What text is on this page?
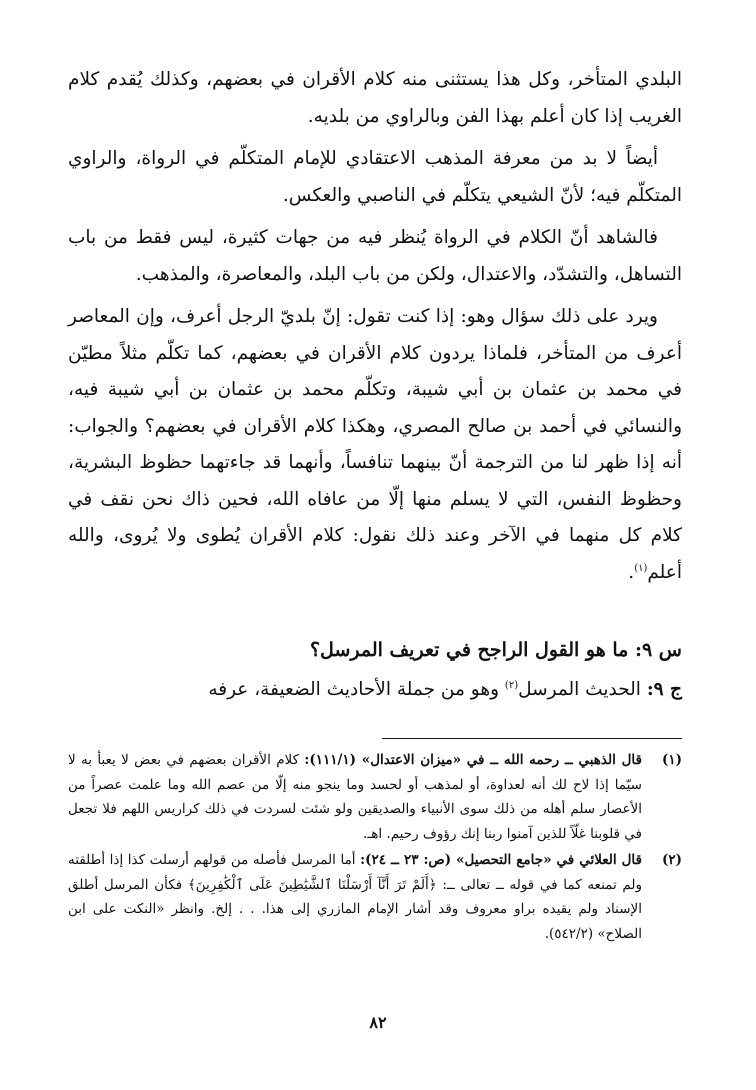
البلدي المتأخر، وكل هذا يستثنى منه كلام الأقران في بعضهم، وكذلك يُقدم كلام الغريب إذا كان أعلم بهذا الفن وبالراوي من بلديه.

أيضاً لا بد من معرفة المذهب الاعتقادي للإمام المتكلّم في الرواة، والراوي المتكلّم فيه؛ لأنّ الشيعي يتكلّم في الناصبي والعكس.

فالشاهد أنّ الكلام في الرواة يُنظر فيه من جهات كثيرة، ليس فقط من باب التساهل، والتشدّد، والاعتدال، ولكن من باب البلد، والمعاصرة، والمذهب.

ويرد على ذلك سؤال وهو: إذا كنت تقول: إنّ بلديّ الرجل أعرف، وإن المعاصر أعرف من المتأخر، فلماذا يردون كلام الأقران في بعضهم، كما تكلّم مثلاً مطيّن في محمد بن عثمان بن أبي شيبة، وتكلّم محمد بن عثمان بن أبي شيبة فيه، والنسائي في أحمد بن صالح المصري، وهكذا كلام الأقران في بعضهم؟ والجواب: أنه إذا ظهر لنا من الترجمة أنّ بينهما تنافساً، وأنهما قد جاءتهما حظوظ البشرية، وحظوظ النفس، التي لا يسلم منها إلّا من عافاه الله، فحين ذاك نحن نقف في كلام كل منهما في الآخر وعند ذلك نقول: كلام الأقران يُطوى ولا يُروى، والله أعلم$^{(١)}$.

س ٩: ما هو القول الراجح في تعريف المرسل؟
ج ٩: الحديث المرسل$^{(٢)}$ وهو من جملة الأحاديث الضعيفة، عرفه
(١)
قال الذهبي ــ رحمه الله ــ في «ميزان الاعتدال» (١١١/١): كلام الأقران بعضهم في بعض لا يعبأ به لا سيّما إذا لاح لك أنه لعداوة، أو لمذهب أو لحسد وما ينجو منه إلّا من عصم الله وما علمت عصراً من الأعصار سلم أهله من ذلك سوى الأنبياء والصديقين ولو شئت لسردت في ذلك كراريس اللهم فلا تجعل في قلوبنا غلّاً للذين آمنوا ربنا إنك رؤوف رحيم. اهـ.
(٢)
قال العلائي في «جامع التحصيل» (ص: ٢٣ ــ ٢٤): أما المرسل فأصله من قولهم أرسلت كذا إذا أطلقته ولم تمنعه كما في قوله ــ تعالى ــ: ﴿أَلَمْ تَرَ أَنَّآ أَرْسَلْنَا ٱلشَّيَٰطِينَ عَلَى ٱلْكَٰفِرِينَ﴾ فكأن المرسل أطلق الإسناد ولم يقيده براو معروف وقد أشار الإمام المازري إلى هذا. . . إلخ. وانظر «النكت على ابن الصلاح» (٥٤٢/٢).
٨٢
